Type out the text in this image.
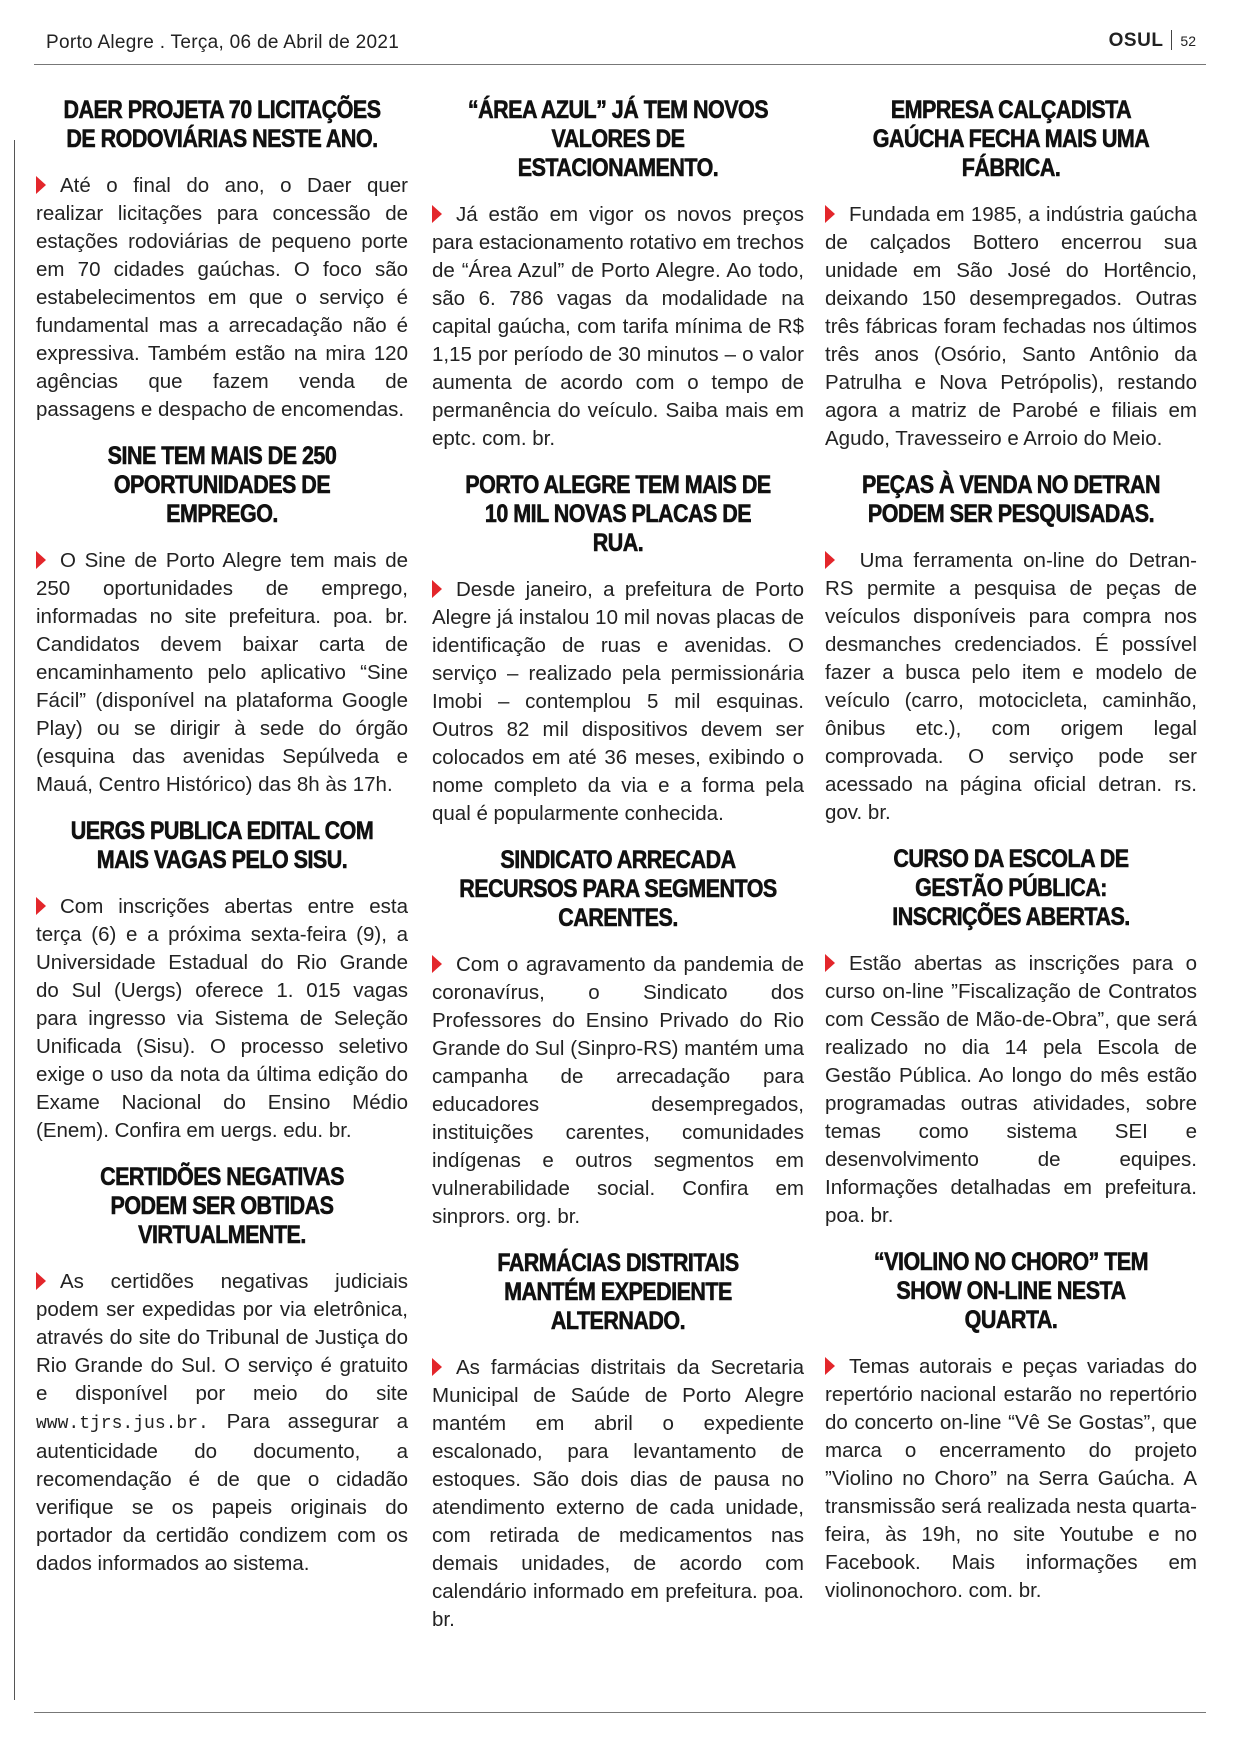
Porto Alegre . Terça, 06 de Abril de 2021	OSUL 52
DAER PROJETA 70 LICITAÇÕES DE RODOVIÁRIAS NESTE ANO.

Até o final do ano, o Daer quer realizar licitações para concessão de estações rodoviárias de pequeno porte em 70 cidades gaúchas. O foco são estabelecimentos em que o serviço é fundamental mas a arrecadação não é expressiva. Também estão na mira 120 agências que fazem venda de passagens e despacho de encomendas.

SINE TEM MAIS DE 250 OPORTUNIDADES DE EMPREGO.

O Sine de Porto Alegre tem mais de 250 oportunidades de emprego, informadas no site prefeitura. poa. br. Candidatos devem baixar carta de encaminhamento pelo aplicativo “Sine Fácil” (disponível na plataforma Google Play) ou se dirigir à sede do órgão (esquina das avenidas Sepúlveda e Mauá, Centro Histórico) das 8h às 17h.

UERGS PUBLICA EDITAL COM MAIS VAGAS PELO SISU.

Com inscrições abertas entre esta terça (6) e a próxima sexta-feira (9), a Universidade Estadual do Rio Grande do Sul (Uergs) oferece 1. 015 vagas para ingresso via Sistema de Seleção Unificada (Sisu). O processo seletivo exige o uso da nota da última edição do Exame Nacional do Ensino Médio (Enem). Confira em uergs. edu. br.

CERTIDÕES NEGATIVAS PODEM SER OBTIDAS VIRTUALMENTE.

As certidões negativas judiciais podem ser expedidas por via eletrônica, através do site do Tribunal de Justiça do Rio Grande do Sul. O serviço é gratuito e disponível por meio do site www.tjrs.jus.br. Para assegurar a autenticidade do documento, a recomendação é de que o cidadão verifique se os papeis originais do portador da certidão condizem com os dados informados ao sistema.

“ÁREA AZUL” JÁ TEM NOVOS VALORES DE ESTACIONAMENTO.

Já estão em vigor os novos preços para estacionamento rotativo em trechos de “Área Azul” de Porto Alegre. Ao todo, são 6. 786 vagas da modalidade na capital gaúcha, com tarifa mínima de R$ 1,15 por período de 30 minutos – o valor aumenta de acordo com o tempo de permanência do veículo. Saiba mais em eptc. com. br.

PORTO ALEGRE TEM MAIS DE 10 MIL NOVAS PLACAS DE RUA.

Desde janeiro, a prefeitura de Porto Alegre já instalou 10 mil novas placas de identificação de ruas e avenidas. O serviço – realizado pela permissionária Imobi – contemplou 5 mil esquinas. Outros 82 mil dispositivos devem ser colocados em até 36 meses, exibindo o nome completo da via e a forma pela qual é popularmente conhecida.

SINDICATO ARRECADA RECURSOS PARA SEGMENTOS CARENTES.

Com o agravamento da pandemia de coronavírus, o Sindicato dos Professores do Ensino Privado do Rio Grande do Sul (Sinpro-RS) mantém uma campanha de arrecadação para educadores desempregados, instituições carentes, comunidades indígenas e outros segmentos em vulnerabilidade social. Confira em sinprors. org. br.

FARMÁCIAS DISTRITAIS MANTÉM EXPEDIENTE ALTERNADO.

As farmácias distritais da Secretaria Municipal de Saúde de Porto Alegre mantém em abril o expediente escalonado, para levantamento de estoques. São dois dias de pausa no atendimento externo de cada unidade, com retirada de medicamentos nas demais unidades, de acordo com calendário informado em prefeitura. poa. br.

EMPRESA CALÇADISTA GAÚCHA FECHA MAIS UMA FÁBRICA.

Fundada em 1985, a indústria gaúcha de calçados Bottero encerrou sua unidade em São José do Hortêncio, deixando 150 desempregados. Outras três fábricas foram fechadas nos últimos três anos (Osório, Santo Antônio da Patrulha e Nova Petrópolis), restando agora a matriz de Parobé e filiais em Agudo, Travesseiro e Arroio do Meio.

PEÇAS À VENDA NO DETRAN PODEM SER PESQUISADAS.

Uma ferramenta on-line do Detran-RS permite a pesquisa de peças de veículos disponíveis para compra nos desmanches credenciados. É possível fazer a busca pelo item e modelo de veículo (carro, motocicleta, caminhão, ônibus etc.), com origem legal comprovada. O serviço pode ser acessado na página oficial detran. rs. gov. br.

CURSO DA ESCOLA DE GESTÃO PÚBLICA: INSCRIÇÕES ABERTAS.

Estão abertas as inscrições para o curso on-line ”Fiscalização de Contratos com Cessão de Mão-de-Obra”, que será realizado no dia 14 pela Escola de Gestão Pública. Ao longo do mês estão programadas outras atividades, sobre temas como sistema SEI e desenvolvimento de equipes. Informações detalhadas em prefeitura. poa. br.

“VIOLINO NO CHORO” TEM SHOW ON-LINE NESTA QUARTA.

Temas autorais e peças variadas do repertório nacional estarão no repertório do concerto on-line “Vê Se Gostas”, que marca o encerramento do projeto ”Violino no Choro” na Serra Gaúcha. A transmissão será realizada nesta quarta-feira, às 19h, no site Youtube e no Facebook. Mais informações em violinonochoro. com. br.
